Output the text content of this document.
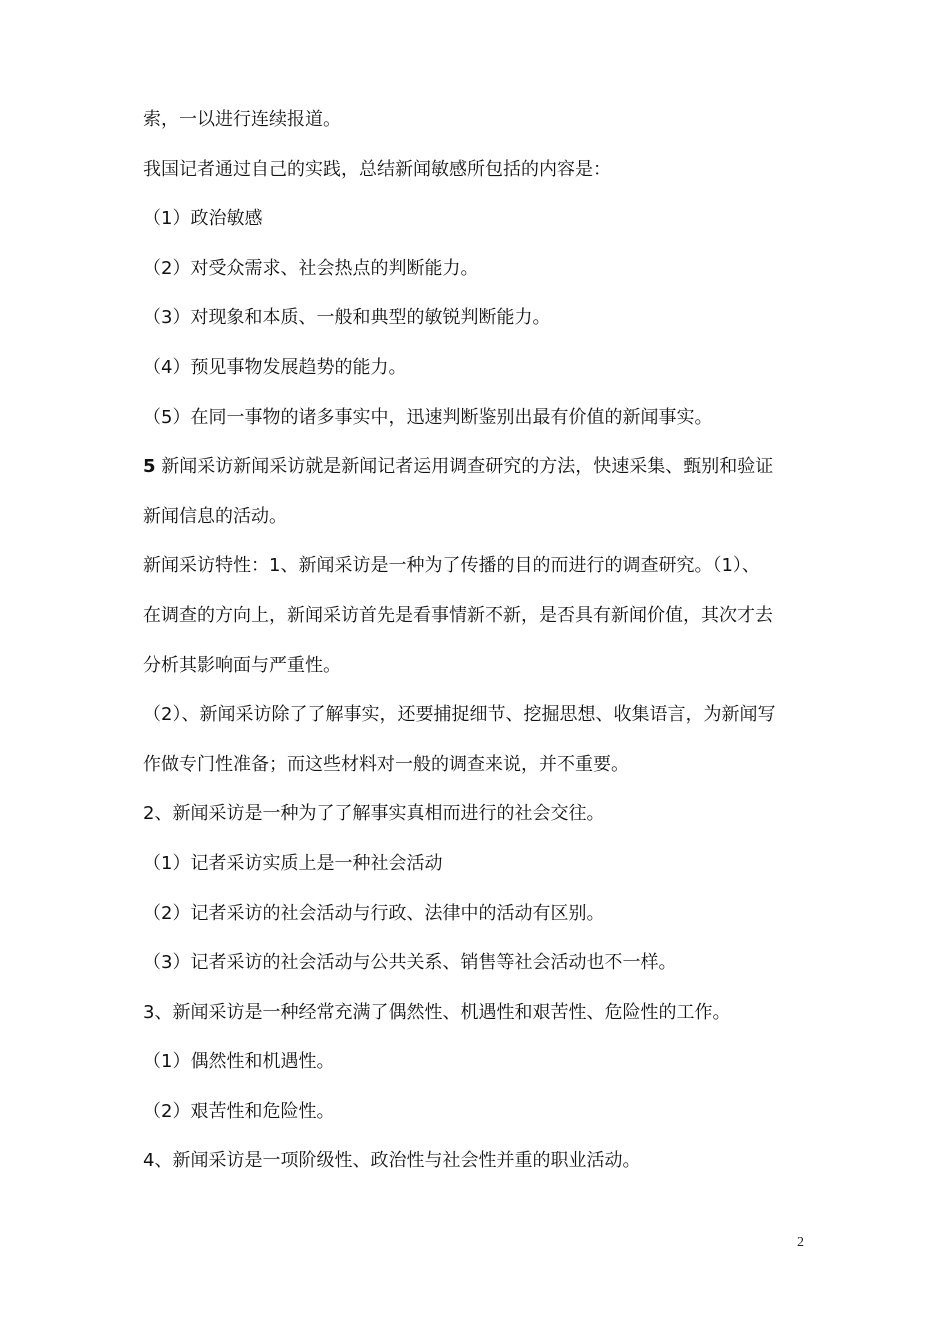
索，一以进行连续报道。
我国记者通过自己的实践，总结新闻敏感所包括的内容是：
（1）政治敏感
（2）对受众需求、社会热点的判断能力。
（3）对现象和本质、一般和典型的敏锐判断能力。
（4）预见事物发展趋势的能力。
（5）在同一事物的诸多事实中，迅速判断鉴别出最有价值的新闻事实。
5 新闻采访新闻采访就是新闻记者运用调查研究的方法，快速采集、甄别和验证
新闻信息的活动。
新闻采访特性：1、新闻采访是一种为了传播的目的而进行的调查研究。（1）、
在调查的方向上，新闻采访首先是看事情新不新，是否具有新闻价值，其次才去
分析其影响面与严重性。
（2）、新闻采访除了了解事实，还要捕捉细节、挖掘思想、收集语言，为新闻写
作做专门性准备；而这些材料对一般的调查来说，并不重要。
2、新闻采访是一种为了了解事实真相而进行的社会交往。
（1）记者采访实质上是一种社会活动
（2）记者采访的社会活动与行政、法律中的活动有区别。
（3）记者采访的社会活动与公共关系、销售等社会活动也不一样。
3、新闻采访是一种经常充满了偶然性、机遇性和艰苦性、危险性的工作。
（1）偶然性和机遇性。
（2）艰苦性和危险性。
4、新闻采访是一项阶级性、政治性与社会性并重的职业活动。
2
